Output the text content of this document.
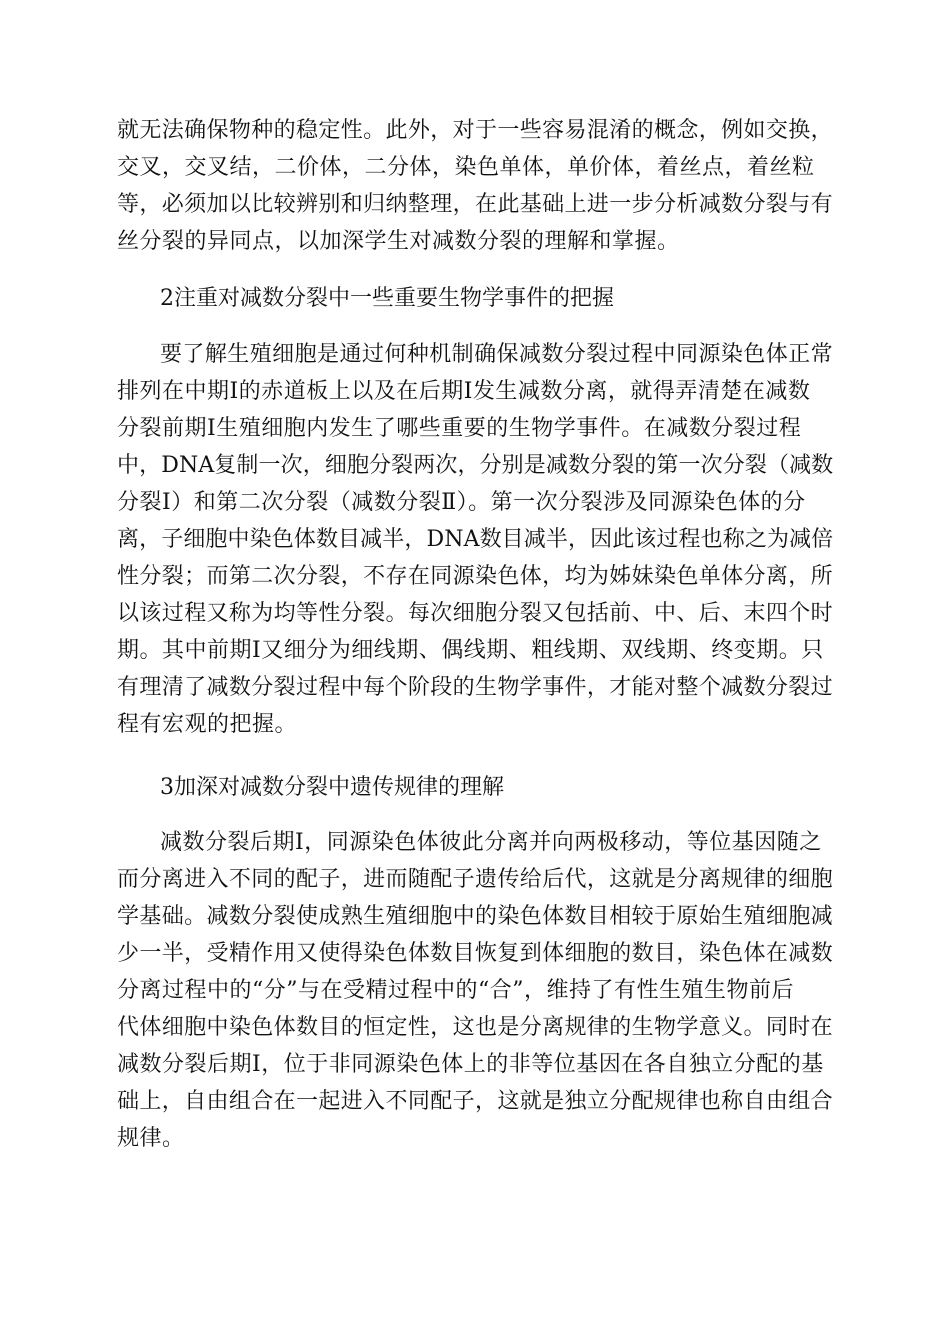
就无法确保物种的稳定性。此外，对于一些容易混淆的概念，例如交换，
交叉，交叉结，二价体，二分体，染色单体，单价体，着丝点，着丝粒
等，必须加以比较辨别和归纳整理，在此基础上进一步分析减数分裂与有
丝分裂的异同点，以加深学生对减数分裂的理解和掌握。
2注重对减数分裂中一些重要生物学事件的把握
要了解生殖细胞是通过何种机制确保减数分裂过程中同源染色体正常
排列在中期Ⅰ的赤道板上以及在后期Ⅰ发生减数分离，就得弄清楚在减数
分裂前期Ⅰ生殖细胞内发生了哪些重要的生物学事件。在减数分裂过程
中，DNA复制一次，细胞分裂两次，分别是减数分裂的第一次分裂（减数
分裂Ⅰ）和第二次分裂（减数分裂Ⅱ）。第一次分裂涉及同源染色体的分
离，子细胞中染色体数目减半，DNA数目减半，因此该过程也称之为减倍
性分裂；而第二次分裂，不存在同源染色体，均为姊妹染色单体分离，所
以该过程又称为均等性分裂。每次细胞分裂又包括前、中、后、末四个时
期。其中前期Ⅰ又细分为细线期、偶线期、粗线期、双线期、终变期。只
有理清了减数分裂过程中每个阶段的生物学事件，才能对整个减数分裂过
程有宏观的把握。
3加深对减数分裂中遗传规律的理解
减数分裂后期Ⅰ，同源染色体彼此分离并向两极移动，等位基因随之
而分离进入不同的配子，进而随配子遗传给后代，这就是分离规律的细胞
学基础。减数分裂使成熟生殖细胞中的染色体数目相较于原始生殖细胞减
少一半，受精作用又使得染色体数目恢复到体细胞的数目，染色体在减数
分离过程中的“分”与在受精过程中的“合”，维持了有性生殖生物前后
代体细胞中染色体数目的恒定性，这也是分离规律的生物学意义。同时在
减数分裂后期Ⅰ，位于非同源染色体上的非等位基因在各自独立分配的基
础上，自由组合在一起进入不同配子，这就是独立分配规律也称自由组合
规律。
